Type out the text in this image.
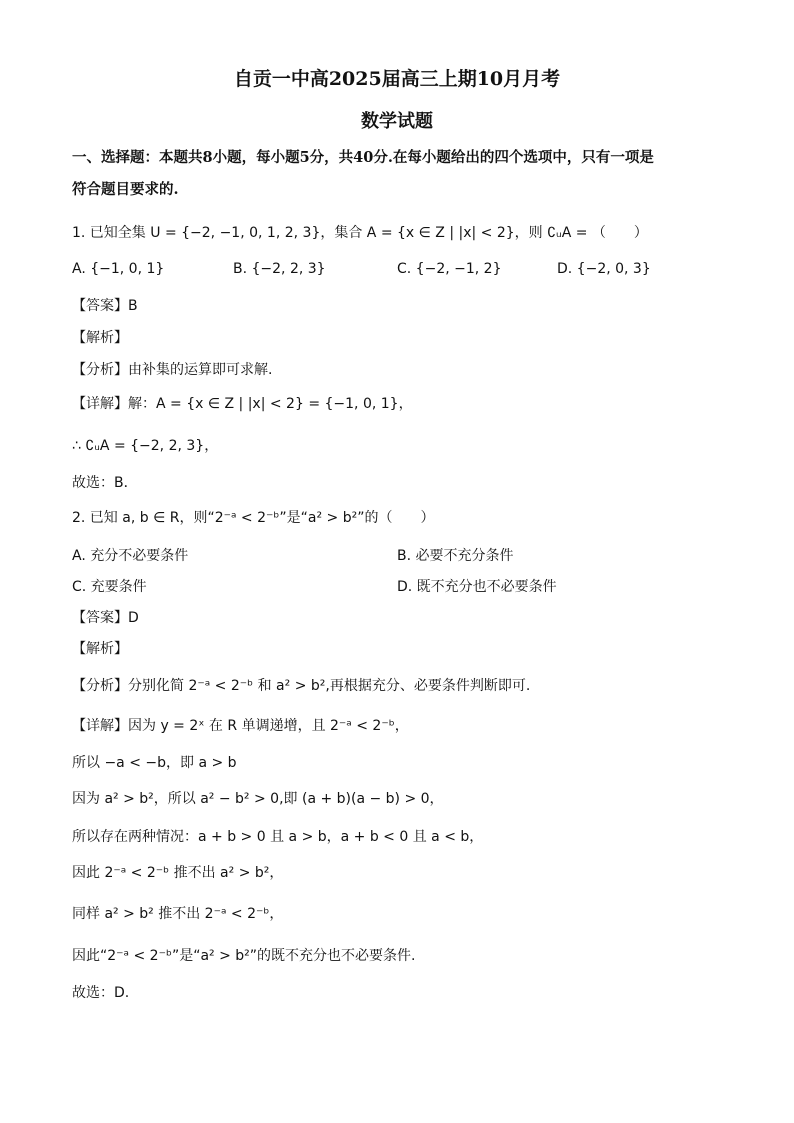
自贡一中高2025届高三上期10月月考
数学试题
一、选择题：本题共8小题，每小题5分，共40分.在每小题给出的四个选项中，只有一项是
符合题目要求的.
1. 已知全集 U = {−2, −1, 0, 1, 2, 3}，集合 A = {x ∈ Z | |x| < 2}，则 ∁ᵤA = （　　）
A. {−1, 0, 1}	B. {−2, 2, 3}	C. {−2, −1, 2}	D. {−2, 0, 3}
【答案】B
【解析】
【分析】由补集的运算即可求解.
【详解】解：A = {x ∈ Z | |x| < 2} = {−1, 0, 1}，
∴ ∁ᵤA = {−2, 2, 3}，
故选：B．
2. 已知 a, b ∈ R，则“2⁻ᵃ < 2⁻ᵇ”是“a² > b²”的（　　）
A. 充分不必要条件	B. 必要不充分条件
C. 充要条件	D. 既不充分也不必要条件
【答案】D
【解析】
【分析】分别化简 2⁻ᵃ < 2⁻ᵇ 和 a² > b²,再根据充分、必要条件判断即可.
【详解】因为 y = 2ˣ 在 R 单调递增，且 2⁻ᵃ < 2⁻ᵇ，
所以 −a < −b，即 a > b
因为 a² > b²，所以 a² − b² > 0,即 (a + b)(a − b) > 0，
所以存在两种情况：a + b > 0 且 a > b，a + b < 0 且 a < b，
因此 2⁻ᵃ < 2⁻ᵇ 推不出 a² > b²，
同样 a² > b² 推不出 2⁻ᵃ < 2⁻ᵇ，
因此“2⁻ᵃ < 2⁻ᵇ”是“a² > b²”的既不充分也不必要条件.
故选：D.
